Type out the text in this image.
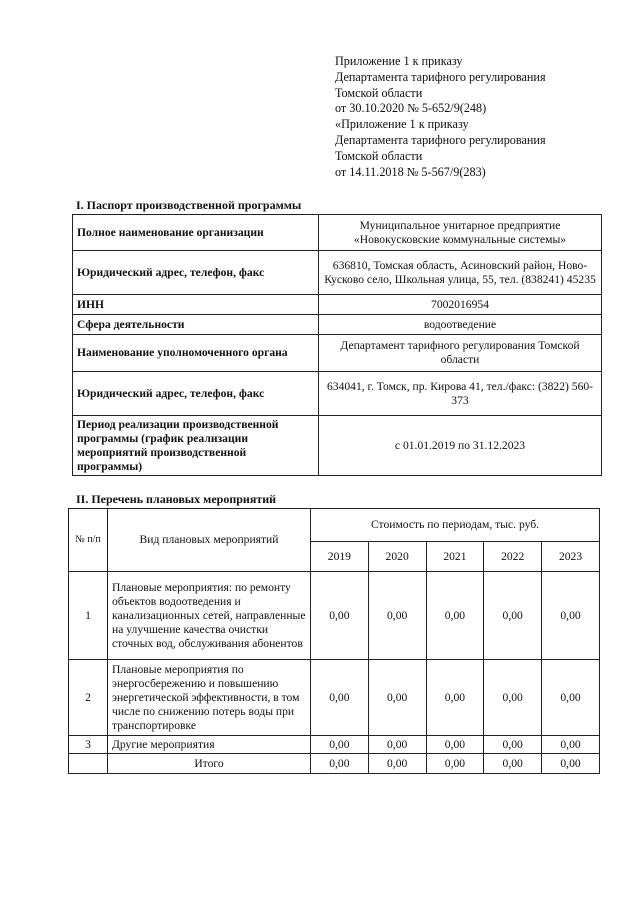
Приложение 1 к приказу
Департамента тарифного регулирования
Томской области
от 30.10.2020 № 5-652/9(248)
«Приложение 1 к приказу
Департамента тарифного регулирования
Томской области
от 14.11.2018 № 5-567/9(283)
I. Паспорт производственной программы
Полное наименование организации	Муниципальное унитарное предприятие «Новокусковские коммунальные системы»
Юридический адрес, телефон, факс	636810, Томская область, Асиновский район, Ново-Кусково село, Школьная улица, 55, тел. (838241) 45235
ИНН	7002016954
Сфера деятельности	водоотведение
Наименование уполномоченного органа	Департамент тарифного регулирования Томской области
Юридический адрес, телефон, факс	634041, г. Томск, пр. Кирова 41, тел./факс: (3822) 560-373
Период реализации производственной программы (график реализации мероприятий производственной программы)	с 01.01.2019 по 31.12.2023
II. Перечень плановых мероприятий
№ п/п	Вид плановых мероприятий	Стоимость по периодам, тыс. руб.				
		2019	2020	2021	2022	2023
1	Плановые мероприятия: по ремонту объектов водоотведения и канализационных сетей, направленные на улучшение качества очистки сточных вод, обслуживания абонентов	0,00	0,00	0,00	0,00	0,00
2	Плановые мероприятия по энергосбережению и повышению энергетической эффективности, в том числе по снижению потерь воды при транспортировке	0,00	0,00	0,00	0,00	0,00
3	Другие мероприятия	0,00	0,00	0,00	0,00	0,00
	Итого	0,00	0,00	0,00	0,00	0,00
